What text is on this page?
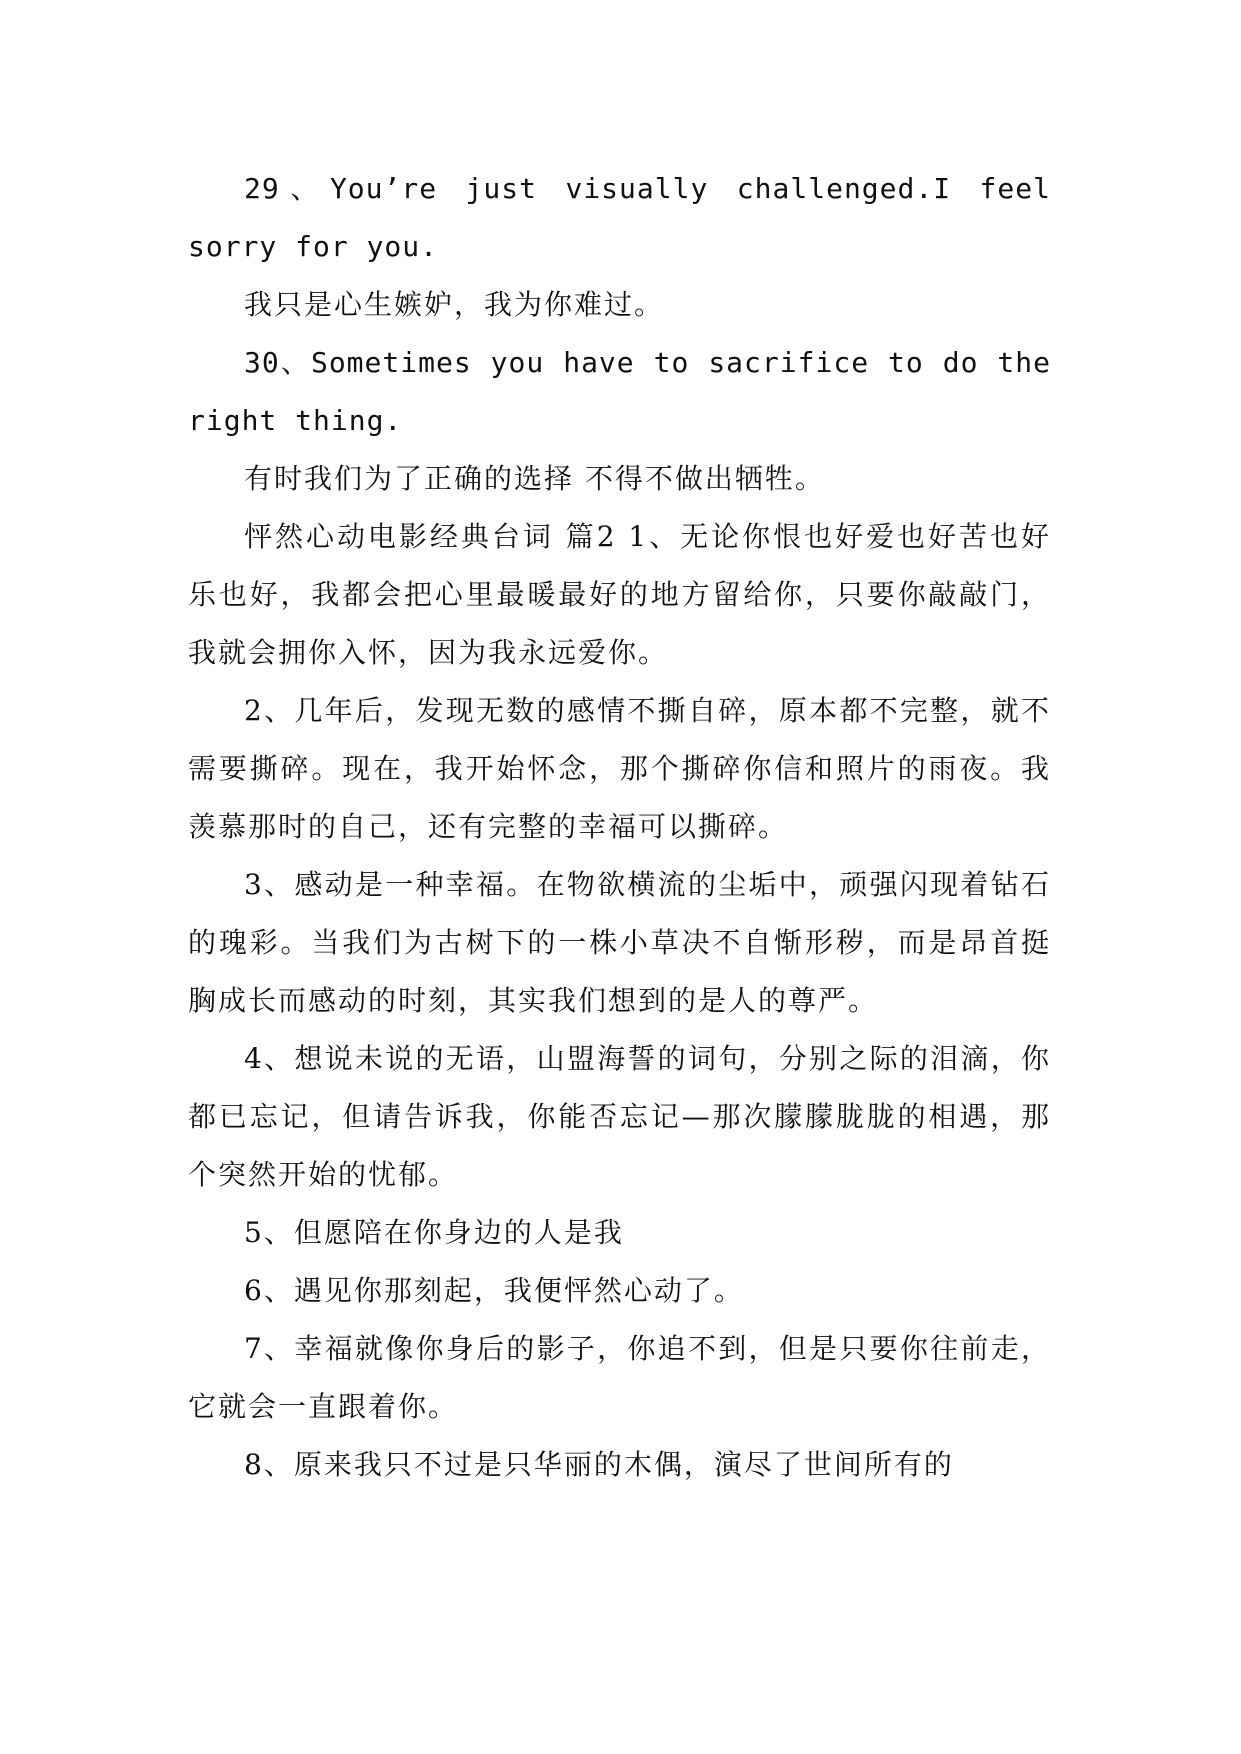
29、You’re just visually challenged.I feel sorry for you.

我只是心生嫉妒，我为你难过。

30、Sometimes you have to sacrifice to do the right thing.

有时我们为了正确的选择 不得不做出牺牲。

怦然心动电影经典台词 篇2 1、无论你恨也好爱也好苦也好乐也好，我都会把心里最暖最好的地方留给你，只要你敲敲门，我就会拥你入怀，因为我永远爱你。

2、几年后，发现无数的感情不撕自碎，原本都不完整，就不需要撕碎。现在，我开始怀念，那个撕碎你信和照片的雨夜。我羡慕那时的自己，还有完整的幸福可以撕碎。

3、感动是一种幸福。在物欲横流的尘垢中，顽强闪现着钻石的瑰彩。当我们为古树下的一株小草决不自惭形秽，而是昂首挺胸成长而感动的时刻，其实我们想到的是人的尊严。

4、想说未说的无语，山盟海誓的词句，分别之际的泪滴，你都已忘记，但请告诉我，你能否忘记—那次朦朦胧胧的相遇，那个突然开始的忧郁。

5、但愿陪在你身边的人是我

6、遇见你那刻起，我便怦然心动了。

7、幸福就像你身后的影子，你追不到，但是只要你往前走，它就会一直跟着你。

8、原来我只不过是只华丽的木偶，演尽了世间所有的
